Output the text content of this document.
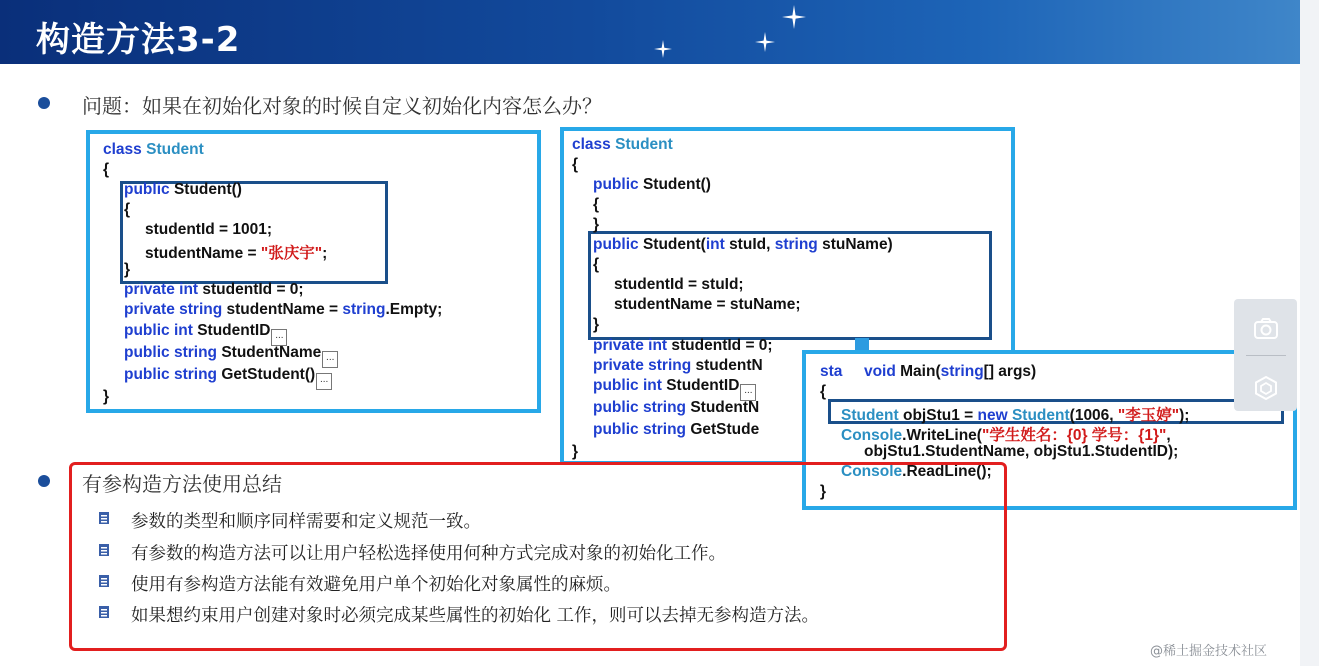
构造方法3-2
问题：如果在初始化对象的时候自定义初始化内容怎么办？
class Student
{
public Student()
{
studentId = 1001;
studentName = "张庆宇";
}
private int studentId = 0;
private string studentName = string.Empty;
public int StudentID ...
public string StudentName ...
public string GetStudent() ...
}
class Student
{
public Student()
{
}
public Student(int stuId, string stuName)
{
studentId = stuId;
studentName = stuName;
}
private int studentId = 0;
private string studentN
public int StudentID ...
public string StudentN
public string GetStude
}
sta void Main(string[] args)
{
Student objStu1 = new Student(1006, "李玉婷");
Console.WriteLine("学生姓名：{0} 学号：{1}",
objStu1.StudentName, objStu1.StudentID);
Console.ReadLine();
}
有参构造方法使用总结
参数的类型和顺序同样需要和定义规范一致。
有参数的构造方法可以让用户轻松选择使用何种方式完成对象的初始化工作。
使用有参构造方法能有效避免用户单个初始化对象属性的麻烦。
如果想约束用户创建对象时必须完成某些属性的初始化 工作，则可以去掉无参构造方法。
@稀土掘金技术社区
